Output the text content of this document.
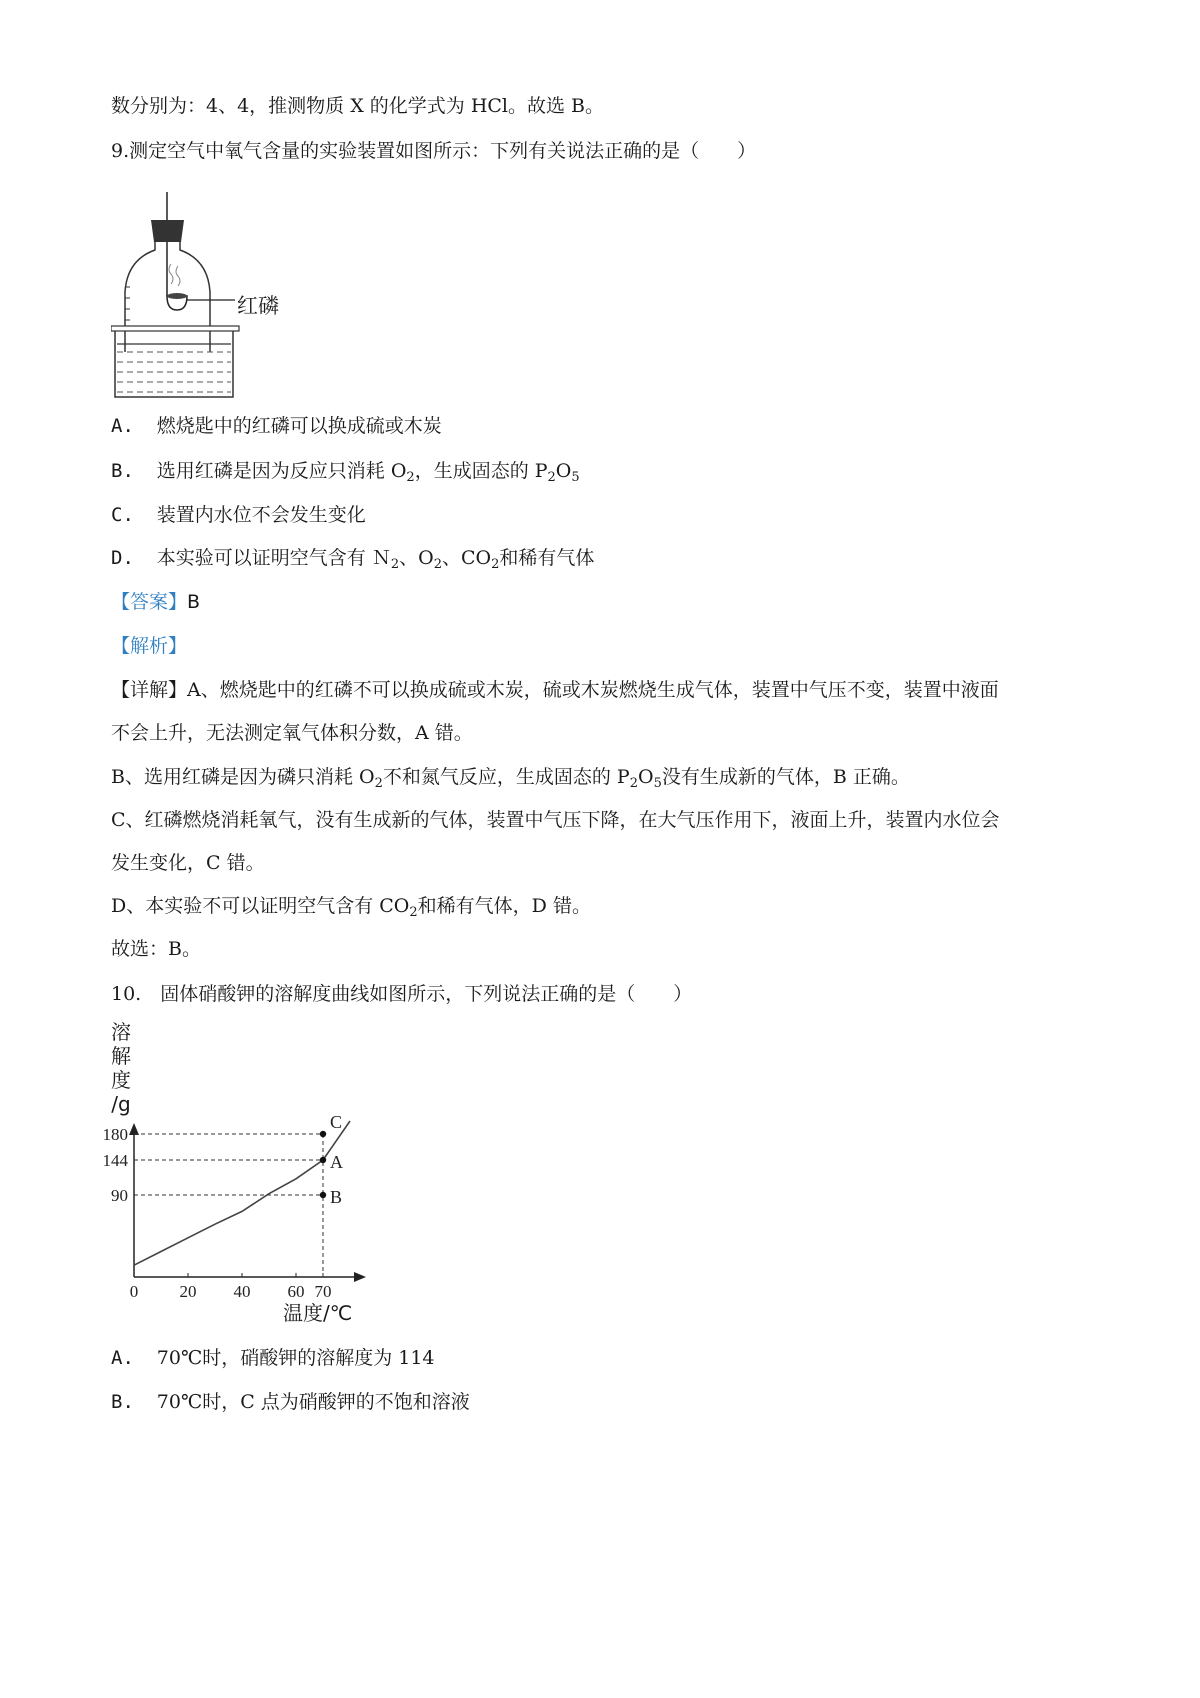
数分别为：4、4，推测物质 X 的化学式为 HCl。故选 B。
9.测定空气中氧气含量的实验装置如图所示：下列有关说法正确的是（　　）
红磷
A. 燃烧匙中的红磷可以换成硫或木炭
B. 选用红磷是因为反应只消耗 $O_2$，生成固态的 $P_2O_5$
C. 装置内水位不会发生变化
D. 本实验可以证明空气含有 Ｎ$_2$、$O_2$、$CO_2$和稀有气体
【答案】B
【解析】
【详解】A、燃烧匙中的红磷不可以换成硫或木炭，硫或木炭燃烧生成气体，装置中气压不变，装置中液面
不会上升，无法测定氧气体积分数，A 错。
B、选用红磷是因为磷只消耗 $O_2$不和氮气反应，生成固态的 $P_2O_5$没有生成新的气体，B 正确。
C、红磷燃烧消耗氧气，没有生成新的气体，装置中气压下降，在大气压作用下，液面上升，装置内水位会
发生变化，C 错。
D、本实验不可以证明空气含有 $CO_2$和稀有气体，D 错。
故选：B。
10.　固体硝酸钾的溶解度曲线如图所示，下列说法正确的是（　　）
0 20 40 60 70
C
180
A
144
B
90
溶
解
度
/g
温度/℃
A. 70℃时，硝酸钾的溶解度为 114
B. 70℃时，C 点为硝酸钾的不饱和溶液
